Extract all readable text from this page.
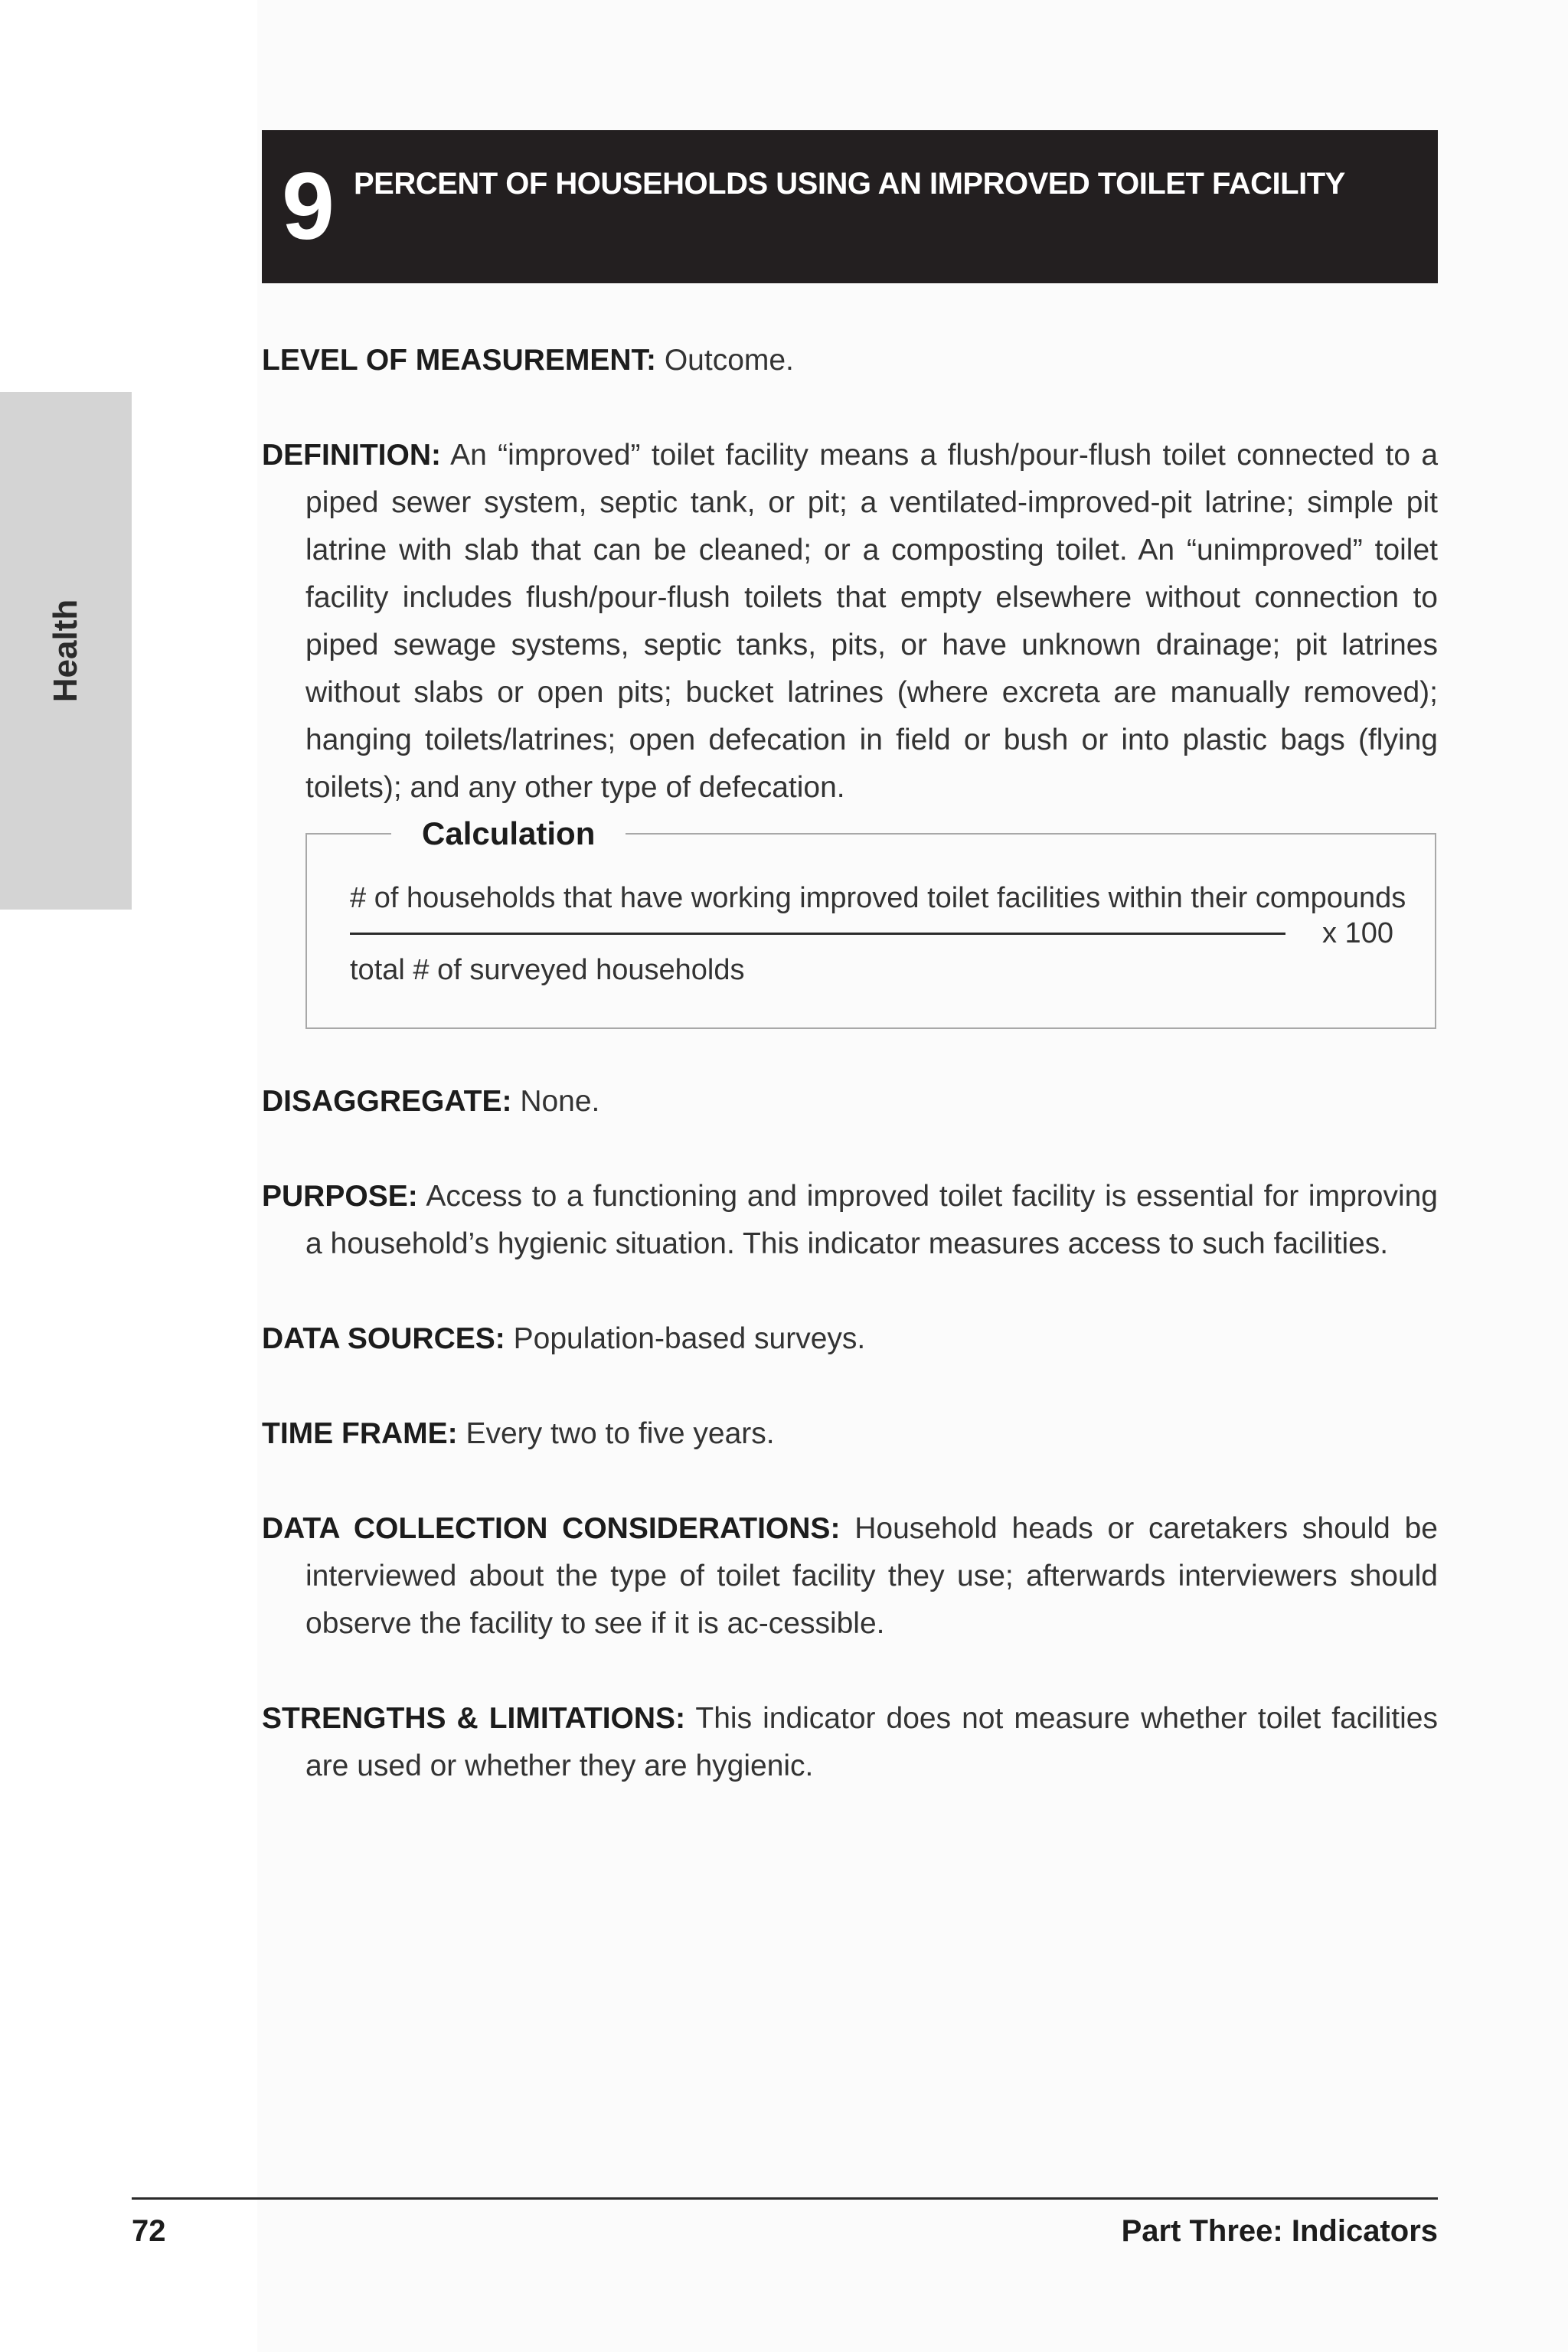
Health
9 PERCENT OF HOUSEHOLDS USING AN IMPROVED TOILET FACILITY

LEVEL OF MEASUREMENT: Outcome.

DEFINITION: An “improved” toilet facility means a flush/pour-flush toilet connected to a piped sewer system, septic tank, or pit; a ventilated-improved-pit latrine; simple pit latrine with slab that can be cleaned; or a composting toilet. An “unimproved” toilet facility includes flush/pour-flush toilets that empty elsewhere without connection to piped sewage systems, septic tanks, pits, or have unknown drainage; pit latrines without slabs or open pits; bucket latrines (where excreta are manually removed); hanging toilets/latrines; open defecation in field or bush or into plastic bags (flying toilets); and any other type of defecation.

Calculation
# of households that have working improved toilet facilities within their compounds
total # of surveyed households
x 100

DISAGGREGATE: None.

PURPOSE: Access to a functioning and improved toilet facility is essential for improving a household’s hygienic situation. This indicator measures access to such facilities.

DATA SOURCES: Population-based surveys.

TIME FRAME: Every two to five years.

DATA COLLECTION CONSIDERATIONS: Household heads or caretakers should be interviewed about the type of toilet facility they use; afterwards interviewers should observe the facility to see if it is ac-cessible.

STRENGTHS & LIMITATIONS: This indicator does not measure whether toilet facilities are used or whether they are hygienic.

72	Part Three: Indicators
